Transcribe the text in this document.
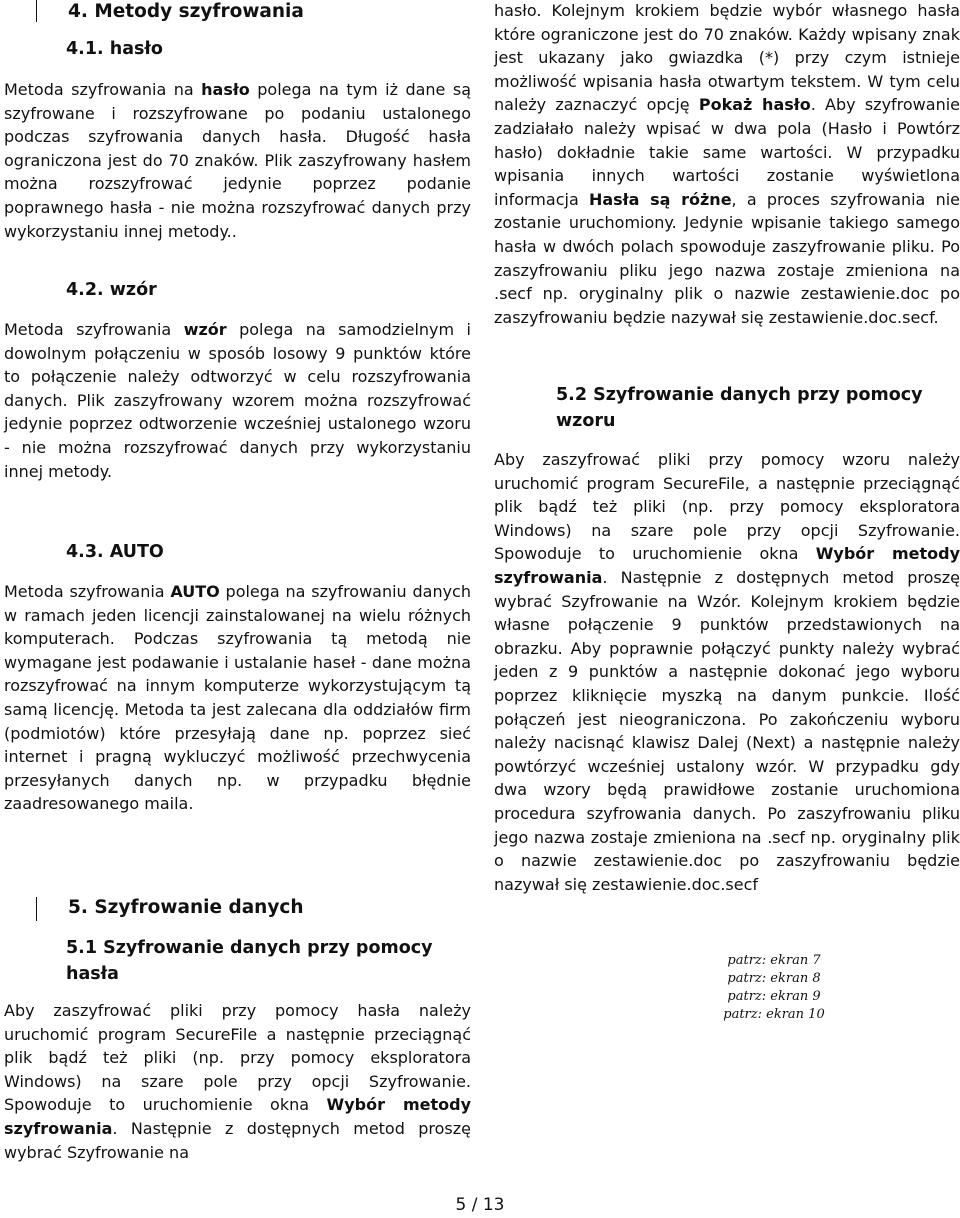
4. Metody szyfrowania
4.1. hasło

Metoda szyfrowania na hasło polega na tym iż dane są szyfrowane i rozszyfrowane po podaniu ustalonego podczas szyfrowania danych hasła. Długość hasła ograniczona jest do 70 znaków. Plik zaszyfrowany hasłem można rozszyfrować jedynie poprzez podanie poprawnego hasła - nie można rozszyfrować danych przy wykorzystaniu innej metody..

4.2. wzór

Metoda szyfrowania wzór polega na samodzielnym i dowolnym połączeniu w sposób losowy 9 punktów które to połączenie należy odtworzyć w celu rozszyfrowania danych. Plik zaszyfrowany wzorem można rozszyfrować jedynie poprzez odtworzenie wcześniej ustalonego wzoru - nie można rozszyfrować danych przy wykorzystaniu innej metody.

4.3. AUTO

Metoda szyfrowania AUTO polega na szyfrowaniu danych w ramach jeden licencji zainstalowanej na wielu różnych komputerach. Podczas szyfrowania tą metodą nie wymagane jest podawanie i ustalanie haseł - dane można rozszyfrować na innym komputerze wykorzystującym tą samą licencję. Metoda ta jest zalecana dla oddziałów firm (podmiotów) które przesyłają dane np. poprzez sieć internet i pragną wykluczyć możliwość przechwycenia przesyłanych danych np. w przypadku błędnie zaadresowanego maila.

5. Szyfrowanie danych
5.1 Szyfrowanie danych przy pomocy hasła

Aby zaszyfrować pliki przy pomocy hasła należy uruchomić program SecureFile a następnie przeciągnąć plik bądź też pliki (np. przy pomocy eksploratora Windows) na szare pole przy opcji Szyfrowanie. Spowoduje to uruchomienie okna Wybór metody szyfrowania. Następnie z dostępnych metod proszę wybrać Szyfrowanie na

hasło. Kolejnym krokiem będzie wybór własnego hasła które ograniczone jest do 70 znaków. Każdy wpisany znak jest ukazany jako gwiazdka (*) przy czym istnieje możliwość wpisania hasła otwartym tekstem. W tym celu należy zaznaczyć opcję Pokaż hasło. Aby szyfrowanie zadziałało należy wpisać w dwa pola (Hasło i Powtórz hasło) dokładnie takie same wartości. W przypadku wpisania innych wartości zostanie wyświetlona informacja Hasła są różne, a proces szyfrowania nie zostanie uruchomiony. Jedynie wpisanie takiego samego hasła w dwóch polach spowoduje zaszyfrowanie pliku. Po zaszyfrowaniu pliku jego nazwa zostaje zmieniona na .secf np. oryginalny plik o nazwie zestawienie.doc po zaszyfrowaniu będzie nazywał się zestawienie.doc.secf.

5.2 Szyfrowanie danych przy pomocy wzoru

Aby zaszyfrować pliki przy pomocy wzoru należy uruchomić program SecureFile, a następnie przeciągnąć plik bądź też pliki (np. przy pomocy eksploratora Windows) na szare pole przy opcji Szyfrowanie. Spowoduje to uruchomienie okna Wybór metody szyfrowania. Następnie z dostępnych metod proszę wybrać Szyfrowanie na Wzór. Kolejnym krokiem będzie własne połączenie 9 punktów przedstawionych na obrazku. Aby poprawnie połączyć punkty należy wybrać jeden z 9 punktów a następnie dokonać jego wyboru poprzez kliknięcie myszką na danym punkcie. Ilość połączeń jest nieograniczona. Po zakończeniu wyboru należy nacisnąć klawisz Dalej (Next) a następnie należy powtórzyć wcześniej ustalony wzór. W przypadku gdy dwa wzory będą prawidłowe zostanie uruchomiona procedura szyfrowania danych. Po zaszyfrowaniu pliku jego nazwa zostaje zmieniona na .secf np. oryginalny plik o nazwie zestawienie.doc po zaszyfrowaniu będzie nazywał się zestawienie.doc.secf

patrz: ekran 7
patrz: ekran 8
patrz: ekran 9
patrz: ekran 10
5 / 13
